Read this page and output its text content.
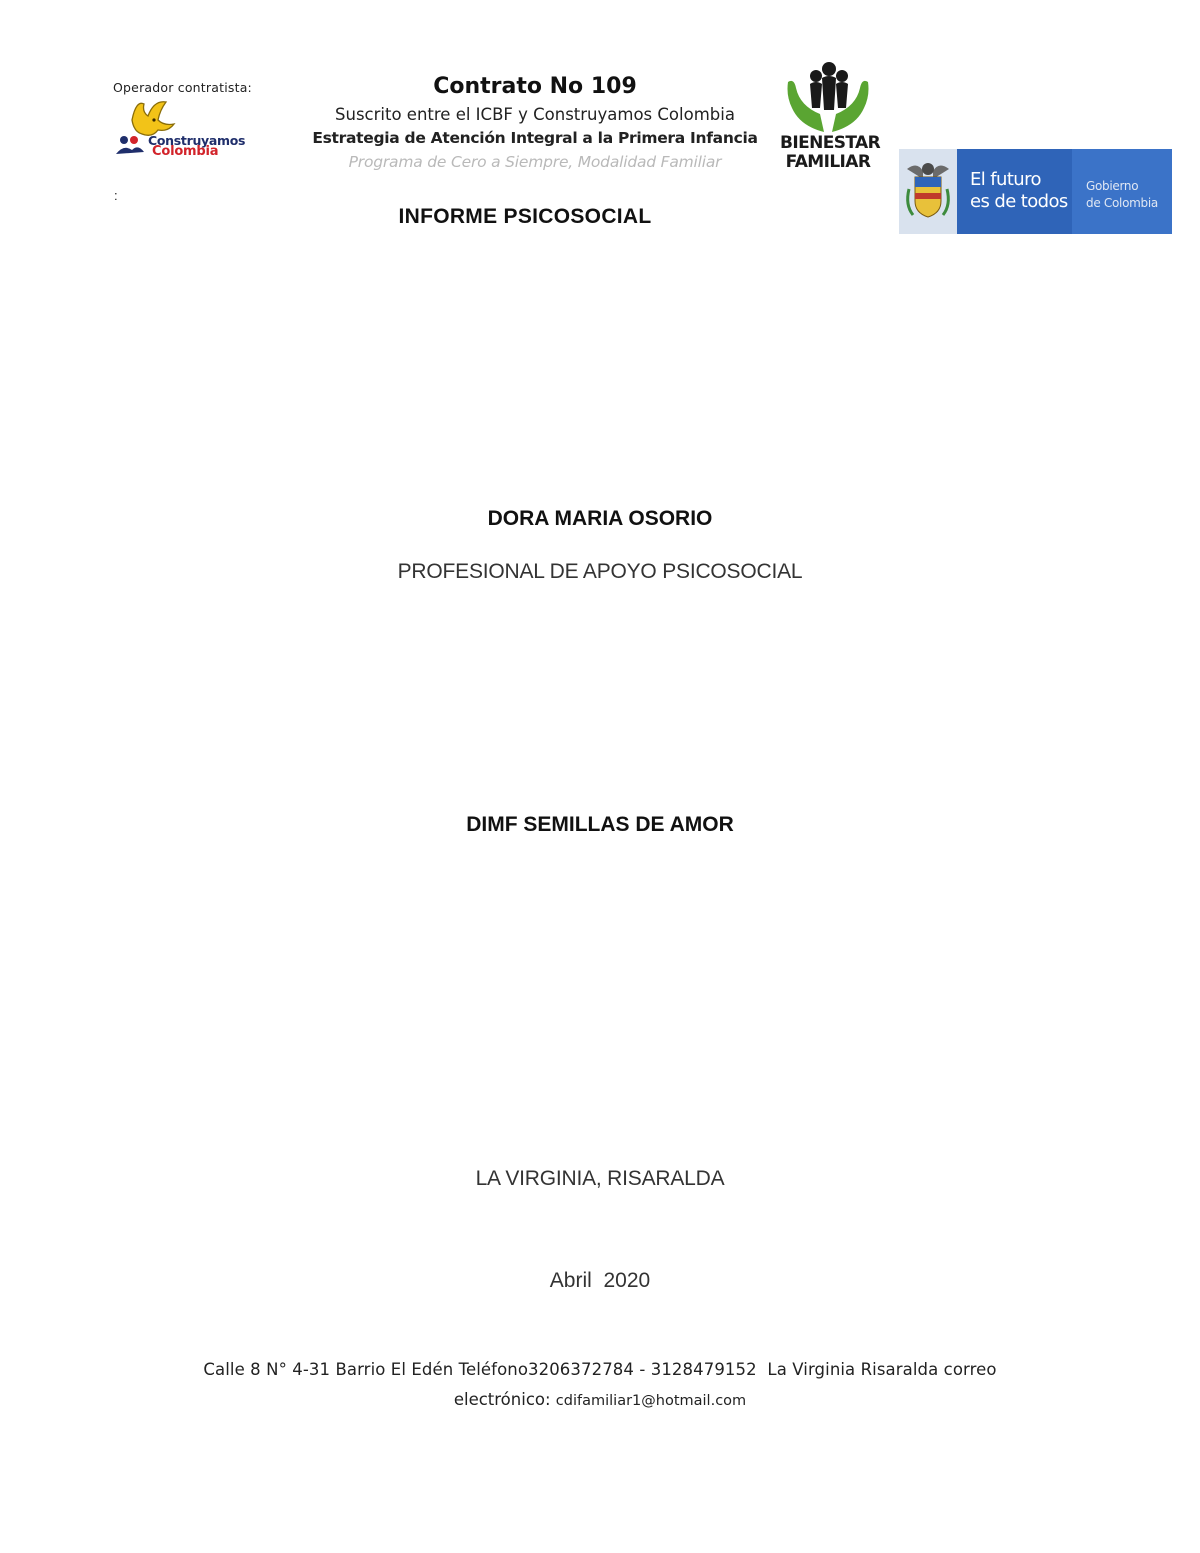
Operador contratista:
Construyamos
Colombia
:
Contrato No 109
Suscrito entre el ICBF y Construyamos Colombia
Estrategia de Atención Integral a la Primera Infancia
Programa de Cero a Siempre, Modalidad Familiar
INFORME PSICOSOCIAL
BIENESTAR
FAMILIAR
El futuro
es de todos
Gobierno
de Colombia
DORA MARIA OSORIO
PROFESIONAL DE APOYO PSICOSOCIAL
DIMF SEMILLAS DE AMOR
LA VIRGINIA, RISARALDA
Abril  2020
Calle 8 N° 4-31 Barrio El Edén Teléfono3206372784 - 3128479152  La Virginia Risaralda correo
electrónico: cdifamiliar1@hotmail.com
